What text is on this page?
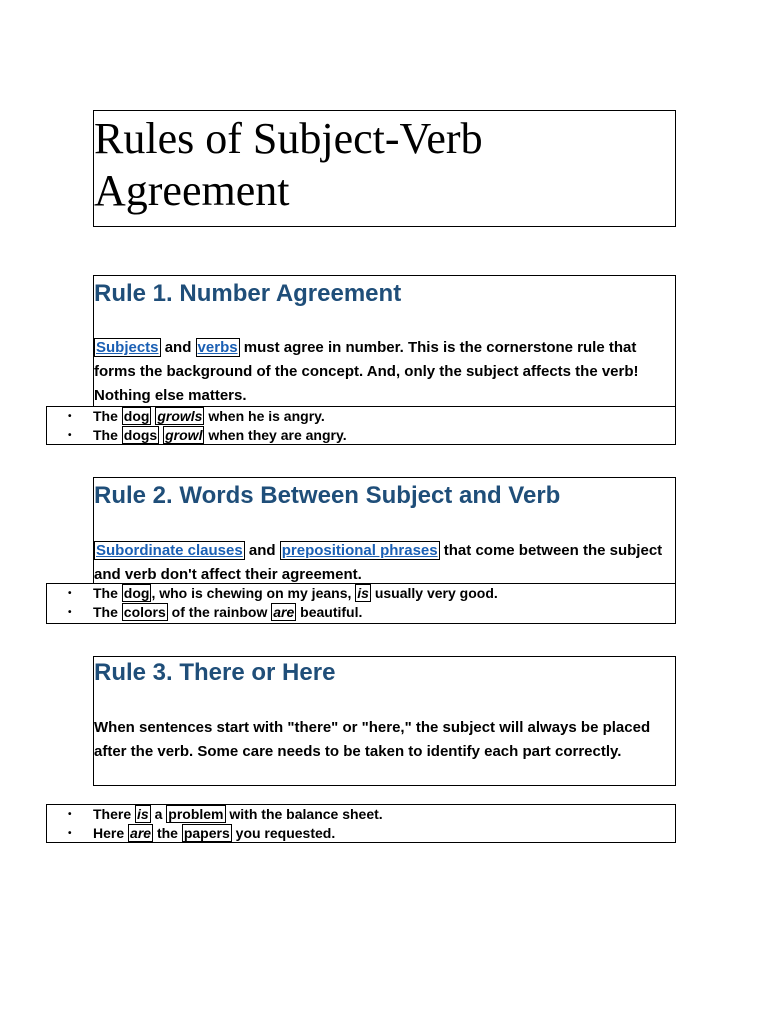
Rules of Subject-Verb
Agreement
Rule 1. Number Agreement

Subjects and verbs must agree in number. This is the cornerstone rule that forms the background of the concept. And, only the subject affects the verb! Nothing else matters.

• The dog growls when he is angry.
• The dogs growl when they are angry.
Rule 2. Words Between Subject and Verb

Subordinate clauses and prepositional phrases that come between the subject and verb don't affect their agreement.

• The dog , who is chewing on my jeans, is usually very good.
• The colors of the rainbow are beautiful.
Rule 3. There or Here

When sentences start with "there" or "here," the subject will always be placed after the verb. Some care needs to be taken to identify each part correctly.

• There is a problem with the balance sheet.
• Here are the papers you requested.
